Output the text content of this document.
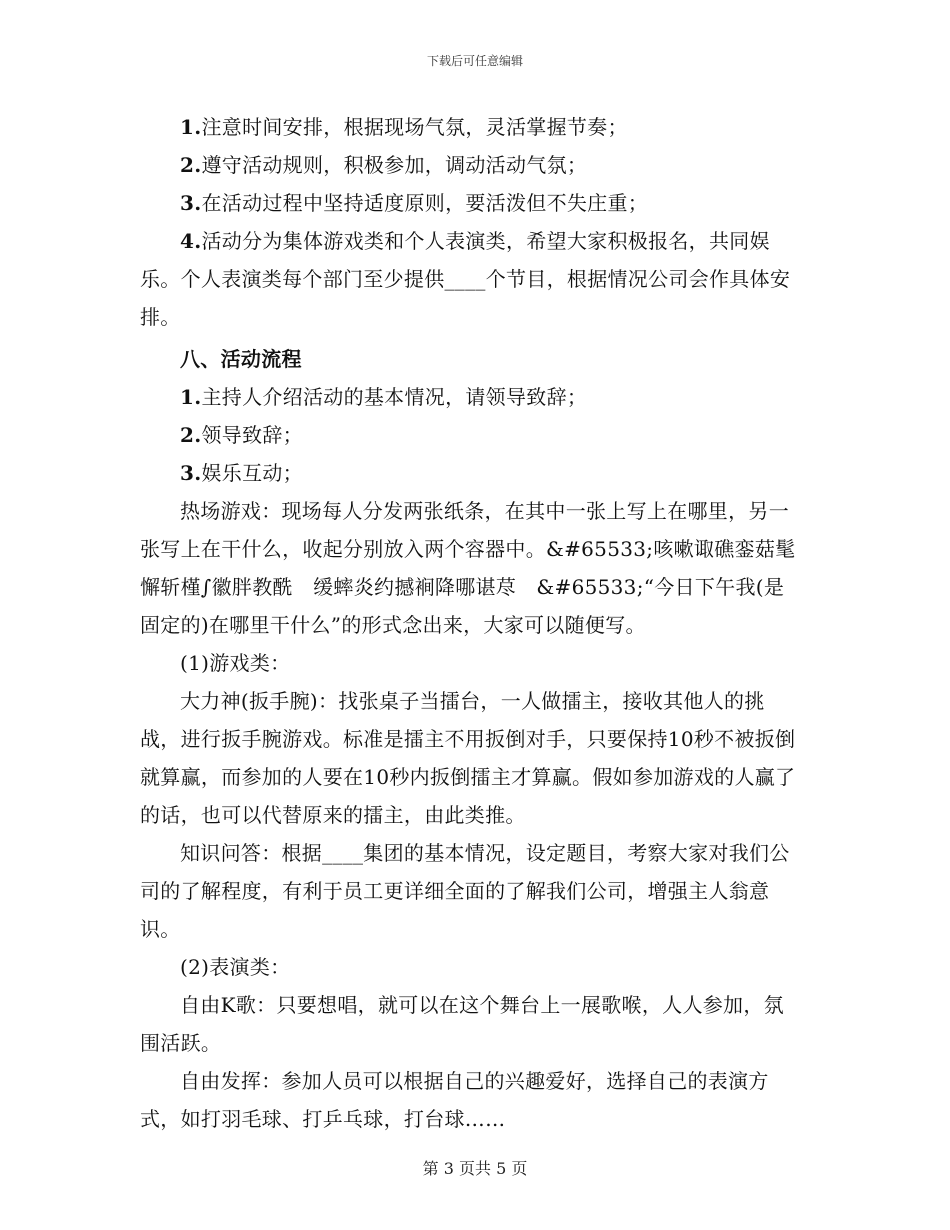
下载后可任意编辑

1.注意时间安排，根据现场气氛，灵活掌握节奏；

2.遵守活动规则，积极参加，调动活动气氛；

3.在活动过程中坚持适度原则，要活泼但不失庄重；

4.活动分为集体游戏类和个人表演类，希望大家积极报名，共同娱乐。个人表演类每个部门至少提供____个节目，根据情况公司会作具体安排。

八、活动流程

1.主持人介绍活动的基本情况，请领导致辞；

2.领导致辞；

3.娱乐互动；

热场游戏：现场每人分发两张纸条，在其中一张上写上在哪里，另一张写上在干什么，收起分别放入两个容器中。&#65533;咳嗽诹礁銮菇髦懈斩槿∫徽胖教酰　缓蟀炎约撼裥降哪谌荩　&#65533;“今日下午我(是固定的)在哪里干什么”的形式念出来，大家可以随便写。

(1)游戏类：

大力神(扳手腕)：找张桌子当擂台，一人做擂主，接收其他人的挑战，进行扳手腕游戏。标准是擂主不用扳倒对手，只要保持10秒不被扳倒就算赢，而参加的人要在10秒内扳倒擂主才算赢。假如参加游戏的人赢了的话，也可以代替原来的擂主，由此类推。

知识问答：根据____集团的基本情况，设定题目，考察大家对我们公司的了解程度，有利于员工更详细全面的了解我们公司，增强主人翁意识。

(2)表演类：

自由K歌：只要想唱，就可以在这个舞台上一展歌喉，人人参加，氛围活跃。

自由发挥：参加人员可以根据自己的兴趣爱好，选择自己的表演方式，如打羽毛球、打乒乓球，打台球……

第 3 页共 5 页
